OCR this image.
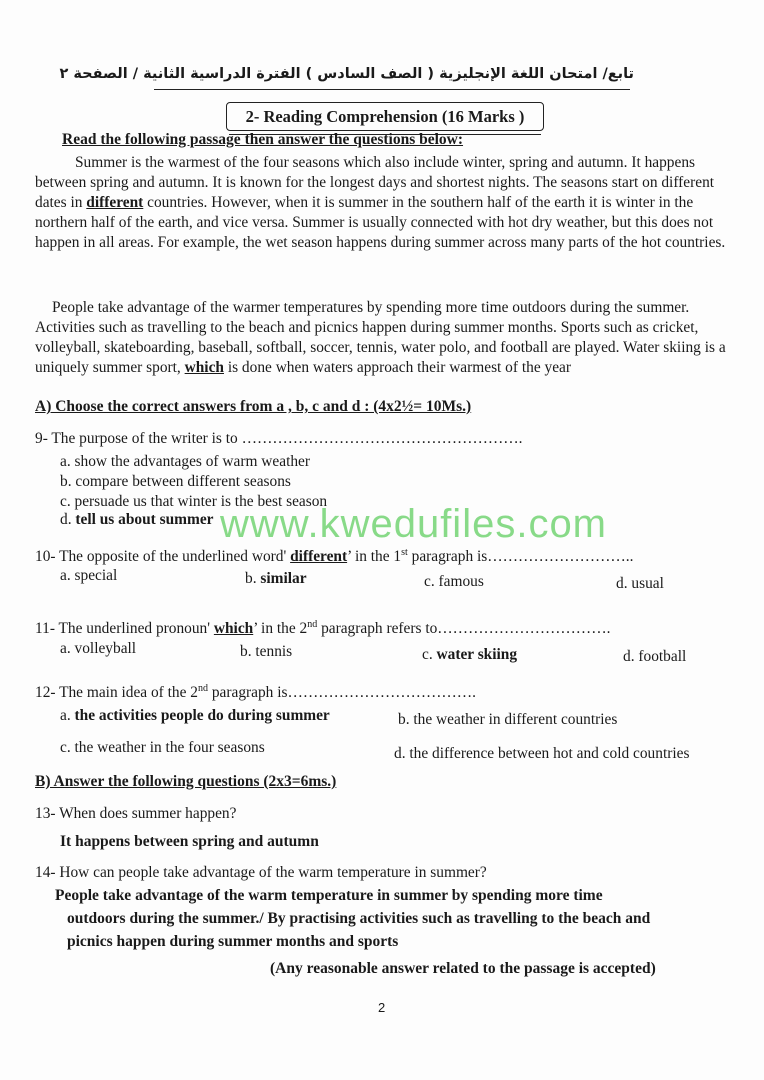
تابع/ امتحان اللغة الإنجليزية ( الصف السادس ) الفترة الدراسية الثانية / الصفحة ٢
2- Reading Comprehension (16 Marks )
Read the following passage then answer the questions below:
Summer is the warmest of the four seasons which also include winter, spring and autumn. It happens between spring and autumn. It is known for the longest days and shortest nights. The seasons start on different dates in different countries. However, when it is summer in the southern half of the earth it is winter in the northern half of the earth, and vice versa. Summer is usually connected with hot dry weather, but this does not happen in all areas. For example, the wet season happens during summer across many parts of the hot countries.
People take advantage of the warmer temperatures by spending more time outdoors during the summer. Activities such as travelling to the beach and picnics happen during summer months. Sports such as cricket, volleyball, skateboarding, baseball, softball, soccer, tennis, water polo, and football are played. Water skiing is a uniquely summer sport, which is done when waters approach their warmest of the year
A) Choose the correct answers from a , b, c and d : (4x2½= 10Ms.)
9- The purpose of the writer is to ……………………………………………….
a. show the advantages of warm weather
b. compare between different seasons
c. persuade us that winter is the best season
d. tell us about summer
10- The opposite of the underlined word' different’ in the 1st paragraph is………………………..
a. special	b. similar	c. famous	d. usual
11- The underlined pronoun' which’ in the 2nd paragraph refers to…………………………….
a. volleyball	b. tennis	c. water skiing	d. football
12- The main idea of the 2nd paragraph is……………………………….
a. the activities people do during summer	b. the weather in different countries
c. the weather in the four seasons	d. the difference between hot and cold countries
B) Answer the following questions (2x3=6ms.)
13- When does summer happen?
It happens between spring and autumn
14- How can people take advantage of the warm temperature in summer?
People take advantage of the warm temperature in summer by spending more time
outdoors during the summer./ By practising activities such as travelling to the beach and
picnics happen during summer months and sports
(Any reasonable answer related to the passage is accepted)
www.kwedufiles.com
2
